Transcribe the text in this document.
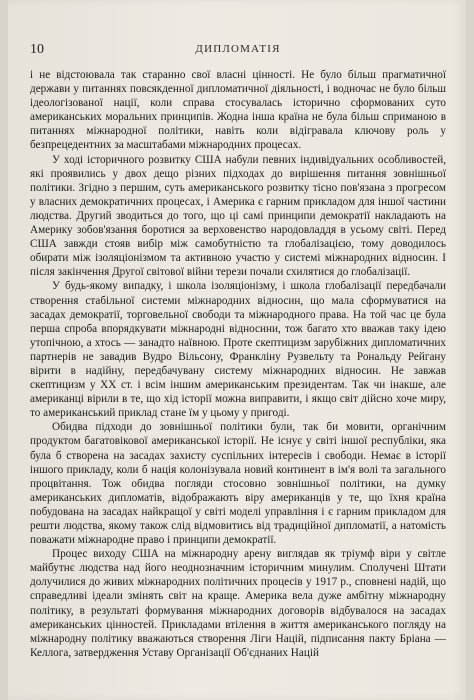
10	ДИПЛОМАТІЯ

і не відстоювала так старанно свої власні цінності. Не було більш прагматичної держави у питаннях повсякденної дипломатичної діяльності, і водночас не було більш ідеологізованої нації, коли справа стосувалась історично сформованих суто американських моральних принципів. Жодна інша країна не була більш сприманою в питаннях міжнародної політики, навіть коли відігравала ключову роль у безпрецедентних за масштабами міжнародних процесах.

У ході історичного розвитку США набули певних індивідуальних особливостей, які проявились у двох дещо різних підходах до вирішення питання зовнішньої політики. Згідно з першим, суть американського розвитку тісно пов'язана з прогресом у власних демократичних процесах, і Америка є гарним прикладом для іншої частини людства. Другий зводиться до того, що ці самі принципи демократії накладають на Америку зобов'язання боротися за верховенство народовладдя в усьому світі. Перед США завжди стояв вибір між самобутністю та глобалізацією, тому доводилось обирати між ізоляціонізмом та активною участю у системі міжнародних відносин. І після закінчення Другої світової війни терези почали схилятися до глобалізації.

У будь-якому випадку, і школа ізоляціонізму, і школа глобалізації передбачали створення стабільної системи міжнародних відносин, що мала сформуватися на засадах демократії, торговельної свободи та міжнародного права. На той час це була перша спроба впорядкувати міжнародні відносини, тож багато хто вважав таку ідею утопічною, а хтось — занадто наївною. Проте скептицизм зарубіжних дипломатичних партнерів не завадив Вудро Вільсону, Франкліну Рузвельту та Рональду Рейгану вірити в надійну, передбачувану систему міжнародних відносин. Не завжав скептицизм у XX ст. і всім іншим американським президентам. Так чи інакше, але американці вірили в те, що хід історії можна виправити, і якщо світ дійсно хоче миру, то американський приклад стане їм у цьому у пригоді.

Обидва підходи до зовнішньої політики були, так би мовити, органічним продуктом багатовікової американської історії. Не існує у світі іншої республіки, яка була б створена на засадах захисту суспільних інтересів і свободи. Немає в історії іншого прикладу, коли б нація колонізувала новий континент в ім'я волі та загального процвітання. Тож обидва погляди стосовно зовнішньої політики, на думку американських дипломатів, відображають віру американців у те, що їхня країна побудована на засадах найкращої у світі моделі управління і є гарним прикладом для решти людства, якому також слід відмовитись від традиційної дипломатії, а натомість поважати міжнародне право і принципи демократії.

Процес виходу США на міжнародну арену виглядав як тріумф віри у світле майбутнє людства над його неоднозначним історичним минулим. Сполучені Штати долучилися до живих міжнародних політичних процесів у 1917 р., сповнені надій, що справедливі ідеали змінять світ на краще. Америка вела дуже амбітну міжнародну політику, в результаті формування міжнародних договорів відбувалося на засадах американських цінностей. Прикладами втілення в життя американського погляду на міжнародну політику вважаються створення Ліги Націй, підписання пакту Бріана — Келлога, затвердження Уставу Організації Об'єднаних Націй
